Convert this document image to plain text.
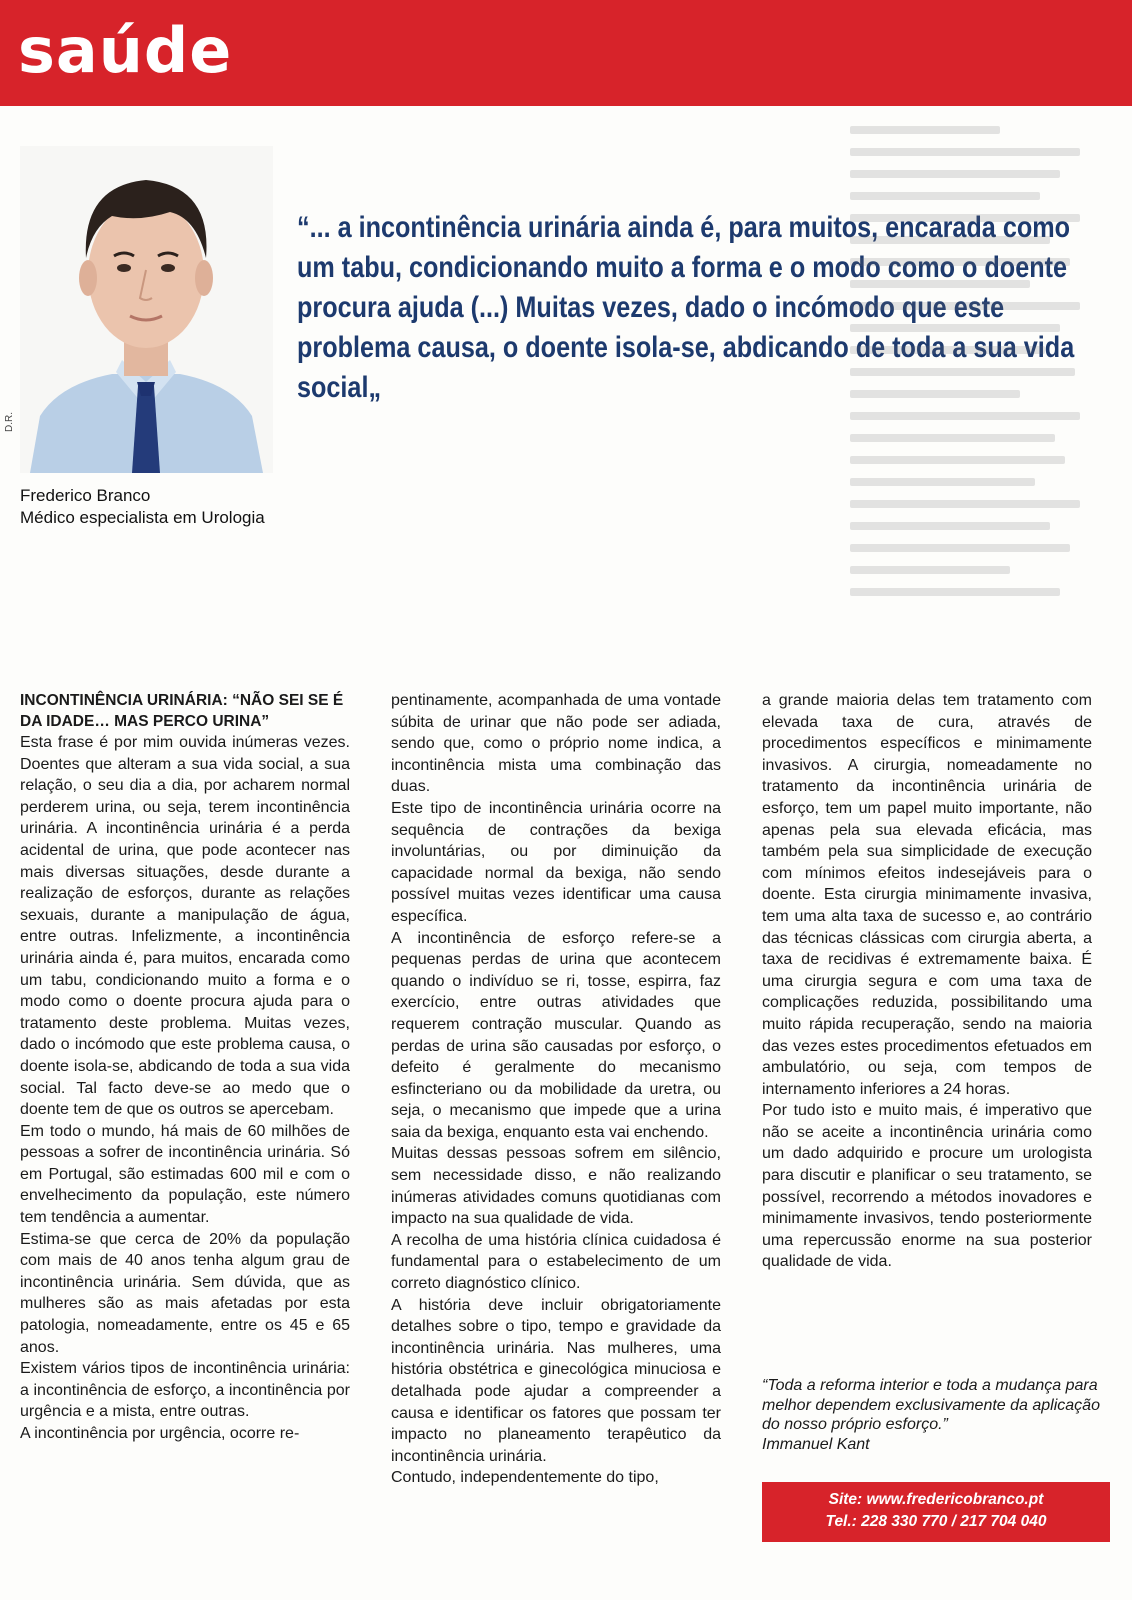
saúde
D.R.
Frederico Branco
Médico especialista em Urologia
“... a incontinência urinária ainda é, para muitos, encarada como um tabu, condicionando muito a forma e o modo como o doente procura ajuda (...) Muitas vezes, dado o incómodo que este problema causa, o doente isola-se, abdicando de toda a sua vida social„

INCONTINÊNCIA URINÁRIA: “NÃO SEI SE É DA IDADE… MAS PERCO URINA”

Esta frase é por mim ouvida inúmeras vezes. Doentes que alteram a sua vida social, a sua relação, o seu dia a dia, por acharem normal perderem urina, ou seja, terem incontinência urinária. A incontinência urinária é a perda acidental de urina, que pode acontecer nas mais diversas situações, desde durante a realização de esforços, durante as relações sexuais, durante a manipulação de água, entre outras. Infelizmente, a incontinência urinária ainda é, para muitos, encarada como um tabu, condicionando muito a forma e o modo como o doente procura ajuda para o tratamento deste problema. Muitas vezes, dado o incómodo que este problema causa, o doente isola-se, abdicando de toda a sua vida social. Tal facto deve-se ao medo que o doente tem de que os outros se apercebam.

Em todo o mundo, há mais de 60 milhões de pessoas a sofrer de incontinência urinária. Só em Portugal, são estimadas 600 mil e com o envelhecimento da população, este número tem tendência a aumentar.

Estima-se que cerca de 20% da população com mais de 40 anos tenha algum grau de incontinência urinária. Sem dúvida, que as mulheres são as mais afetadas por esta patologia, nomeadamente, entre os 45 e 65 anos.

Existem vários tipos de incontinência urinária: a incontinência de esforço, a incontinência por urgência e a mista, entre outras.

A incontinência por urgência, ocorre re-

pentinamente, acompanhada de uma vontade súbita de urinar que não pode ser adiada, sendo que, como o próprio nome indica, a incontinência mista uma combinação das duas.

Este tipo de incontinência urinária ocorre na sequência de contrações da bexiga involuntárias, ou por diminuição da capacidade normal da bexiga, não sendo possível muitas vezes identificar uma causa específica.

A incontinência de esforço refere-se a pequenas perdas de urina que acontecem quando o indivíduo se ri, tosse, espirra, faz exercício, entre outras atividades que requerem contração muscular. Quando as perdas de urina são causadas por esforço, o defeito é geralmente do mecanismo esfincteriano ou da mobilidade da uretra, ou seja, o mecanismo que impede que a urina saia da bexiga, enquanto esta vai enchendo.

Muitas dessas pessoas sofrem em silêncio, sem necessidade disso, e não realizando inúmeras atividades comuns quotidianas com impacto na sua qualidade de vida.

A recolha de uma história clínica cuidadosa é fundamental para o estabelecimento de um correto diagnóstico clínico.

A história deve incluir obrigatoriamente detalhes sobre o tipo, tempo e gravidade da incontinência urinária. Nas mulheres, uma história obstétrica e ginecológica minuciosa e detalhada pode ajudar a compreender a causa e identificar os fatores que possam ter impacto no planeamento terapêutico da incontinência urinária.

Contudo, independentemente do tipo,

a grande maioria delas tem tratamento com elevada taxa de cura, através de procedimentos específicos e minimamente invasivos. A cirurgia, nomeadamente no tratamento da incontinência urinária de esforço, tem um papel muito importante, não apenas pela sua elevada eficácia, mas também pela sua simplicidade de execução com mínimos efeitos indesejáveis para o doente. Esta cirurgia minimamente invasiva, tem uma alta taxa de sucesso e, ao contrário das técnicas clássicas com cirurgia aberta, a taxa de recidivas é extremamente baixa. É uma cirurgia segura e com uma taxa de complicações reduzida, possibilitando uma muito rápida recuperação, sendo na maioria das vezes estes procedimentos efetuados em ambulatório, ou seja, com tempos de internamento inferiores a 24 horas.

Por tudo isto e muito mais, é imperativo que não se aceite a incontinência urinária como um dado adquirido e procure um urologista para discutir e planificar o seu tratamento, se possível, recorrendo a métodos inovadores e minimamente invasivos, tendo posteriormente uma repercussão enorme na sua posterior qualidade de vida.

“Toda a reforma interior e toda a mudança para melhor dependem exclusivamente da aplicação do nosso próprio esforço.”
Immanuel Kant
Site: www.fredericobranco.pt
Tel.: 228 330 770 / 217 704 040
